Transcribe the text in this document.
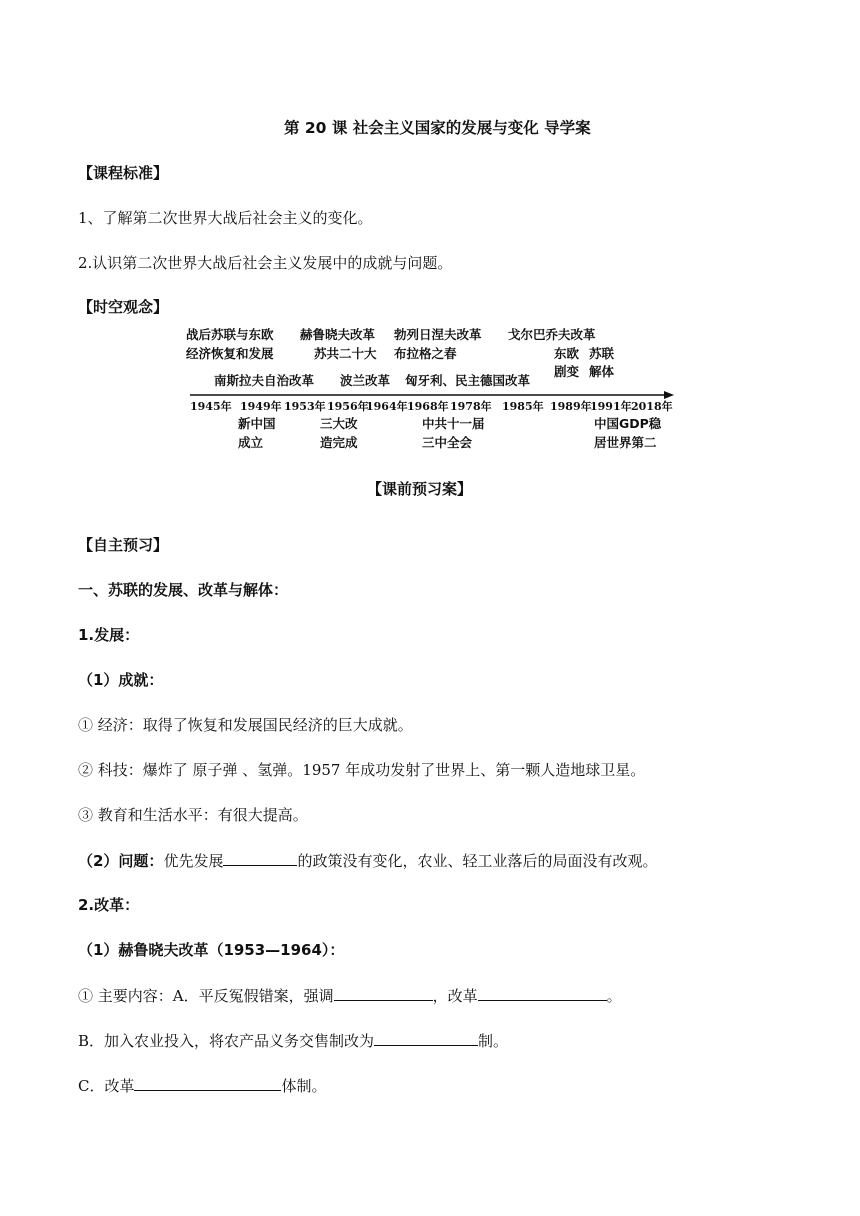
第 20 课 社会主义国家的发展与变化 导学案
【课程标准】
1、了解第二次世界大战后社会主义的变化。
2.认识第二次世界大战后社会主义发展中的成就与问题。
【时空观念】
战后苏联与东欧
经济恢复和发展
赫鲁晓夫改革
苏共二十大
勃列日涅夫改革
布拉格之春
戈尔巴乔夫改革
东欧 苏联
剧变 解体
南斯拉夫自治改革 波兰改革 匈牙利、民主德国改革
1945年 1949年 1953年 1956年
1964年 1968年 1978年 1985年 1989年
1991年 2018年
新中国
成立
三大改
造完成
中共十一届
三中全会
中国GDP稳
居世界第二
【课前预习案】
【自主预习】
一、苏联的发展、改革与解体：
1.发展：
（1）成就：
① 经济：取得了恢复和发展国民经济的巨大成就。
② 科技：爆炸了 原子弹 、氢弹。1957 年成功发射了世界上、第一颗人造地球卫星。
③ 教育和生活水平：有很大提高。
（2）问题：优先发展	的政策没有变化，农业、轻工业落后的局面没有改观。
2.改革：
（1）赫鲁晓夫改革（1953—1964）：
① 主要内容：A．平反冤假错案，强调	，改革	。
B．加入农业投入，将农产品义务交售制改为	制。
C．改革	体制。
